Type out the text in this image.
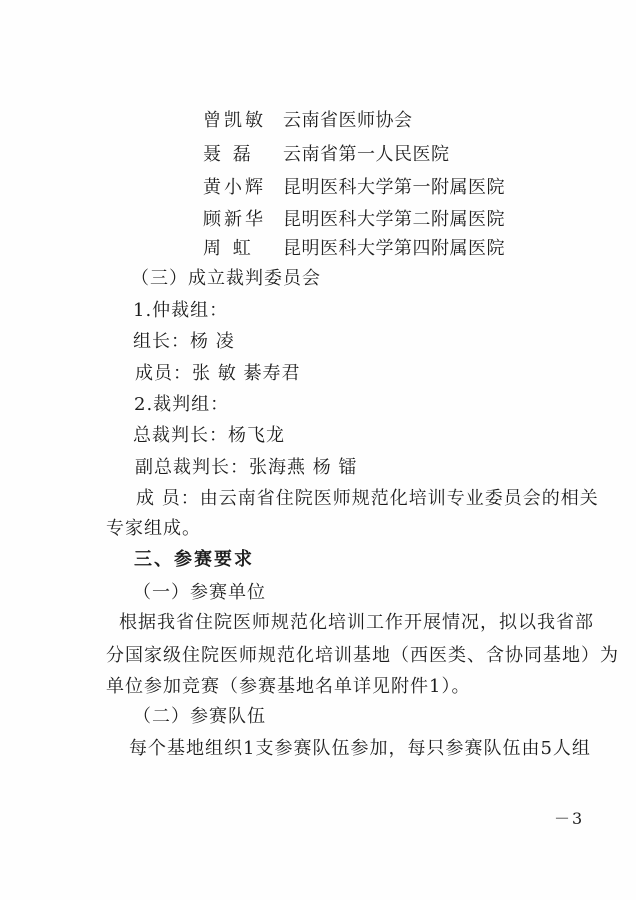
曾凯敏 云南省医师协会
聂 磊 云南省第一人民医院
黄小辉 昆明医科大学第一附属医院
顾新华 昆明医科大学第二附属医院
周 虹 昆明医科大学第四附属医院
（三）成立裁判委员会
1.仲裁组：
组长：杨 凌
成员：张 敏 綦寿君
2.裁判组：
总裁判长：杨飞龙
副总裁判长：张海燕 杨 镭
成 员：由云南省住院医师规范化培训专业委员会的相关
专家组成。
三、参赛要求
（一）参赛单位
根据我省住院医师规范化培训工作开展情况，拟以我省部
分国家级住院医师规范化培训基地（西医类、含协同基地）为
单位参加竞赛（参赛基地名单详见附件1）。
（二）参赛队伍
每个基地组织1支参赛队伍参加，每只参赛队伍由5人组
－3
